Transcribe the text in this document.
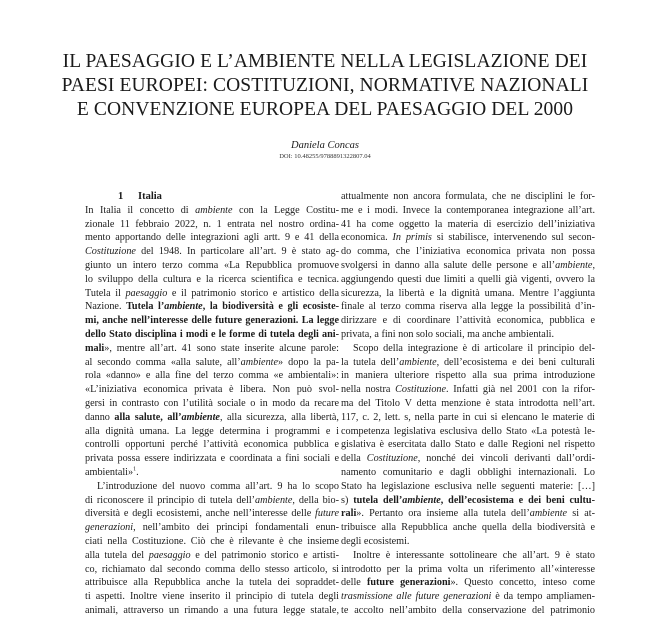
IL PAESAGGIO E L’AMBIENTE NELLA LEGISLAZIONE DEI
PAESI EUROPEI: COSTITUZIONI, NORMATIVE NAZIONALI
E CONVENZIONE EUROPEA DEL PAESAGGIO DEL 2000
Daniela Concas
DOI: 10.48255/9788891322807.04
1 Italia
In Italia il concetto di ambiente con la Legge Costitu-
zionale 11 febbraio 2022, n. 1 entrata nel nostro ordina-
mento apportando delle integrazioni agli artt. 9 e 41 della
Costituzione del 1948. In particolare all’art. 9 è stato ag-
giunto un intero terzo comma «La Repubblica promuove
lo sviluppo della cultura e la ricerca scientifica e tecnica.
Tutela il paesaggio e il patrimonio storico e artistico della
Nazione. Tutela l’ambiente, la biodiversità e gli ecosiste-
mi, anche nell’interesse delle future generazioni. La legge
dello Stato disciplina i modi e le forme di tutela degli ani-
mali», mentre all’art. 41 sono state inserite alcune parole:
al secondo comma «alla salute, all’ambiente» dopo la pa-
rola «danno» e alla fine del terzo comma «e ambientali»:
«L’iniziativa economica privata è libera. Non può svol-
gersi in contrasto con l’utilità sociale o in modo da recare
danno alla salute, all’ambiente, alla sicurezza, alla libertà,
alla dignità umana. La legge determina i programmi e i
controlli opportuni perché l’attività economica pubblica e
privata possa essere indirizzata e coordinata a fini sociali e
ambientali»$^1$.
L’introduzione del nuovo comma all’art. 9 ha lo scopo
di riconoscere il principio di tutela dell’ambiente, della bio-
diversità e degli ecosistemi, anche nell’interesse delle future
generazioni, nell’ambito dei principi fondamentali enun-
ciati nella Costituzione. Ciò che è rilevante è che insieme
alla tutela del paesaggio e del patrimonio storico e artisti-
co, richiamato dal secondo comma dello stesso articolo, si
attribuisce alla Repubblica anche la tutela dei sopraddet-
ti aspetti. Inoltre viene inserito il principio di tutela degli
animali, attraverso un rimando a una futura legge statale,
attualmente non ancora formulata, che ne disciplini le for-
me e i modi. Invece la contemporanea integrazione all’art.
41 ha come oggetto la materia di esercizio dell’iniziativa
economica. In primis si stabilisce, intervenendo sul secon-
do comma, che l’iniziativa economica privata non possa
svolgersi in danno alla salute delle persone e all’ambiente,
aggiungendo questi due limiti a quelli già vigenti, ovvero la
sicurezza, la libertà e la dignità umana. Mentre l’aggiunta
finale al terzo comma riserva alla legge la possibilità d’in-
dirizzare e di coordinare l’attività economica, pubblica e
privata, a fini non solo sociali, ma anche ambientali.
Scopo della integrazione è di articolare il principio del-
la tutela dell’ambiente, dell’ecosistema e dei beni culturali
in maniera ulteriore rispetto alla sua prima introduzione
nella nostra Costituzione. Infatti già nel 2001 con la rifor-
ma del Titolo V detta menzione è stata introdotta nell’art.
117, c. 2, lett. s, nella parte in cui si elencano le materie di
competenza legislativa esclusiva dello Stato «La potestà le-
gislativa è esercitata dallo Stato e dalle Regioni nel rispetto
della Costituzione, nonché dei vincoli derivanti dall’ordi-
namento comunitario e dagli obblighi internazionali. Lo
Stato ha legislazione esclusiva nelle seguenti materie: […]
s) tutela dell’ambiente, dell’ecosistema e dei beni cultu-
rali». Pertanto ora insieme alla tutela dell’ambiente si at-
tribuisce alla Repubblica anche quella della biodiversità e
degli ecosistemi.
Inoltre è interessante sottolineare che all’art. 9 è stato
introdotto per la prima volta un riferimento all’«interesse
delle future generazioni». Questo concetto, inteso come
trasmissione alle future generazioni è da tempo ampliamen-
te accolto nell’ambito della conservazione del patrimonio
